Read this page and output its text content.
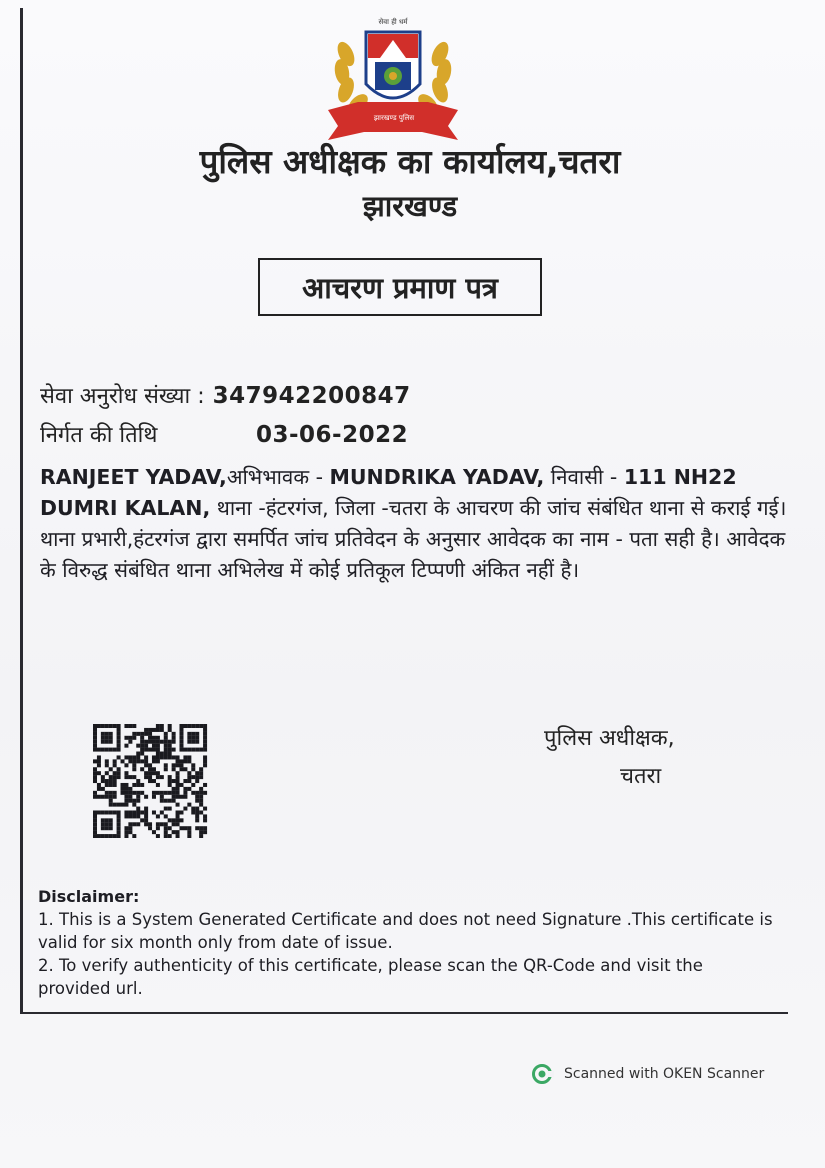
सेवा ही धर्म
झारखण्ड पुलिस
पुलिस अधीक्षक का कार्यालय,चतरा
झारखण्ड
आचरण प्रमाण पत्र
सेवा अनुरोध संख्या : 347942200847
निर्गत की तिथि	03-06-2022
RANJEET YADAV,अभिभावक - MUNDRIKA YADAV, निवासी - 111 NH22 DUMRI KALAN, थाना -हंटरगंज, जिला -चतरा के आचरण की जांच संबंधित थाना से कराई गई। थाना प्रभारी,हंटरगंज द्वारा समर्पित जांच प्रतिवेदन के अनुसार आवेदक का नाम - पता सही है। आवेदक के विरुद्ध संबंधित थाना अभिलेख में कोई प्रतिकूल टिप्पणी अंकित नहीं है।
पुलिस अधीक्षक,
चतरा
Disclaimer:
1. This is a System Generated Certificate and does not need Signature .This certificate is valid for six month only from date of issue.
2. To verify authenticity of this certificate, please scan the QR-Code and visit the provided url.
Scanned with OKEN Scanner
